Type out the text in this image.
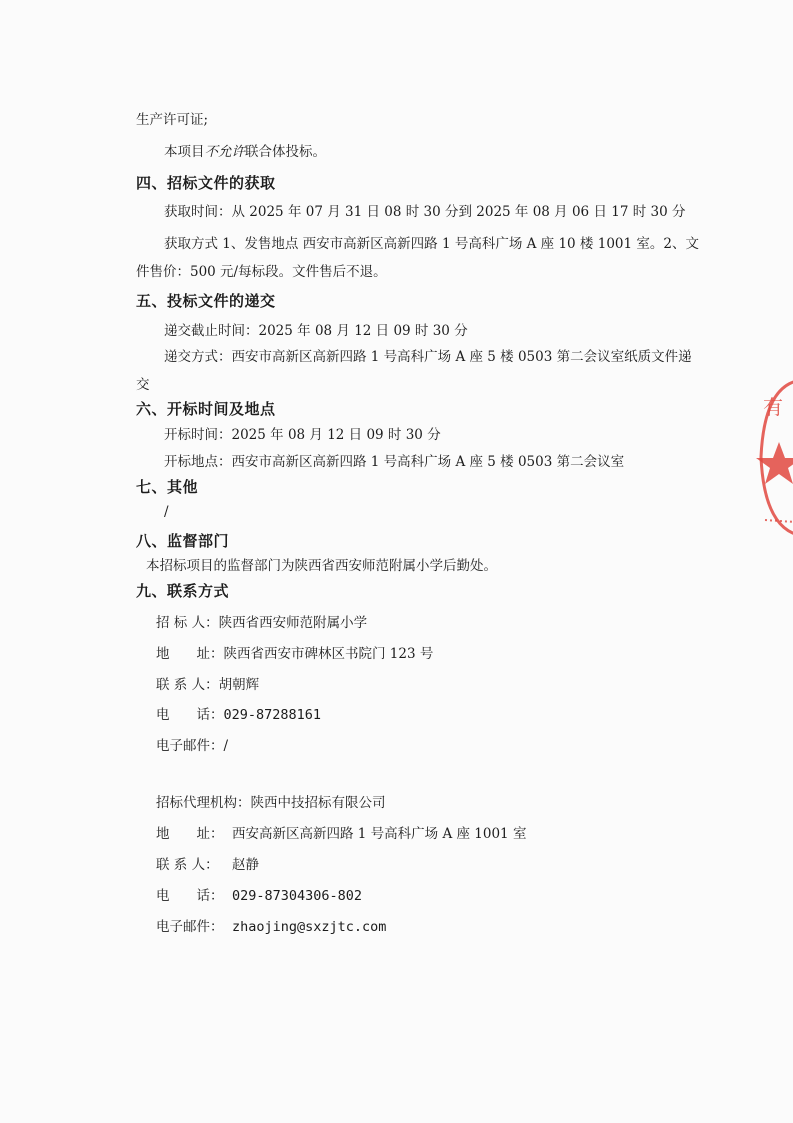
生产许可证;
本项目不允许联合体投标。
四、招标文件的获取
获取时间：从 2025 年 07 月 31 日 08 时 30 分到 2025 年 08 月 06 日 17 时 30 分
获取方式 1、发售地点 西安市高新区高新四路 1 号高科广场 A 座 10 楼 1001 室。2、文
件售价：500 元/每标段。文件售后不退。
五、投标文件的递交
递交截止时间：2025 年 08 月 12 日 09 时 30 分
递交方式：西安市高新区高新四路 1 号高科广场 A 座 5 楼 0503 第二会议室纸质文件递
交
六、开标时间及地点
开标时间：2025 年 08 月 12 日 09 时 30 分
开标地点：西安市高新区高新四路 1 号高科广场 A 座 5 楼 0503 第二会议室
七、其他
/
八、监督部门
本招标项目的监督部门为陕西省西安师范附属小学后勤处。
九、联系方式
招 标 人：陕西省西安师范附属小学
地　　址：陕西省西安市碑林区书院门 123 号
联 系 人：胡朝辉
电　　话：029-87288161
电子邮件：/
招标代理机构：陕西中技招标有限公司
地　　址： 西安高新区高新四路 1 号高科广场 A 座 1001 室
联 系 人： 赵静
电　　话： 029-87304306-802
电子邮件： zhaojing@sxzjtc.com
有
